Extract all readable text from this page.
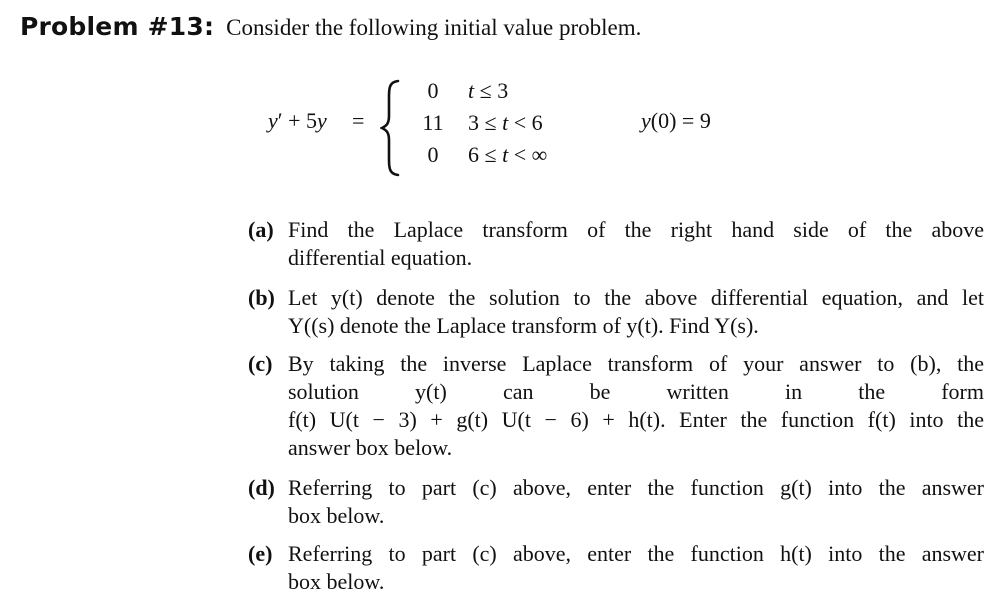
Problem #13: Consider the following initial value problem.
y′ + 5y =
0	t ≤ 3
11 3 ≤ t < 6
0	6 ≤ t < ∞
y(0) = 9
(a) Find the Laplace transform of the right hand side of the above
differential equation.
(b) Let y(t) denote the solution to the above differential equation, and let
Y((s) denote the Laplace transform of y(t). Find Y(s).
(c) By taking the inverse Laplace transform of your answer to (b), the
solution y(t) can be written in the form
f(t) U(t − 3) + g(t) U(t − 6) + h(t). Enter the function f(t) into the
answer box below.
(d) Referring to part (c) above, enter the function g(t) into the answer
box below.
(e) Referring to part (c) above, enter the function h(t) into the answer
box below.
